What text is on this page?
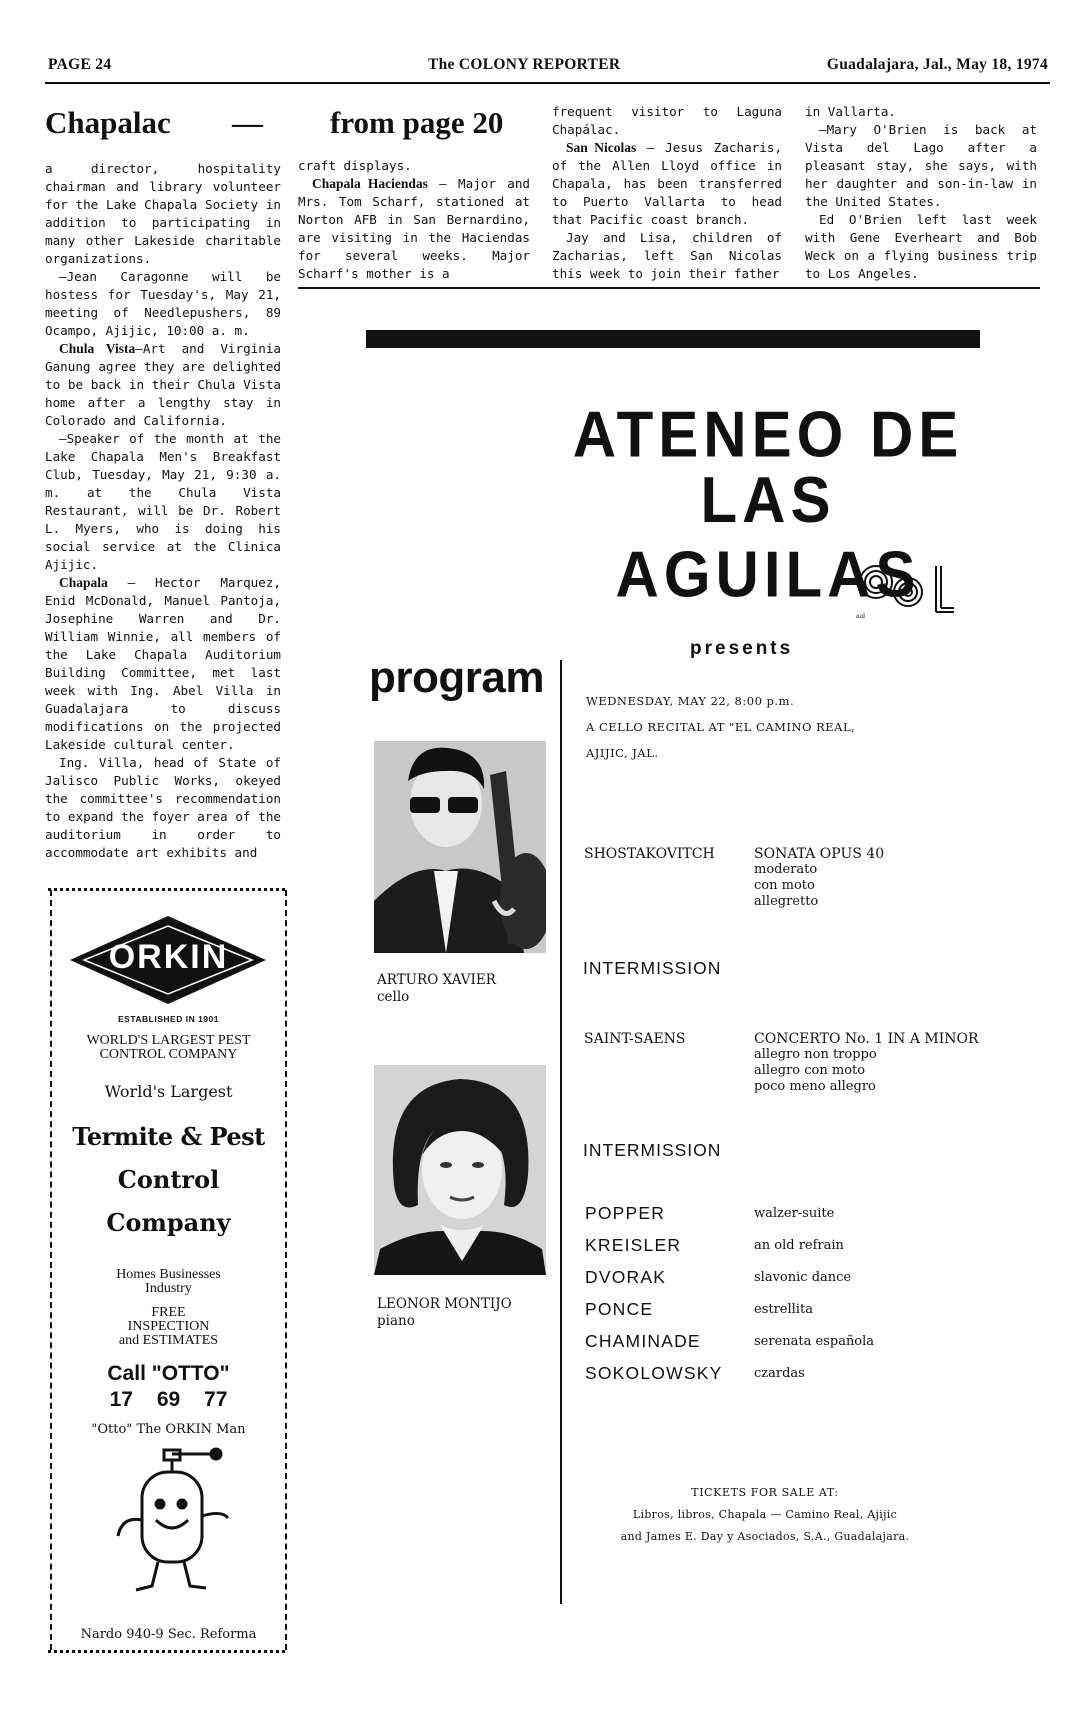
PAGE 24	The COLONY REPORTER	Guadalajara, Jal., May 18, 1974
Chapalac —

a director, hospitality chairman and library volunteer for the Lake Chapala Society in addition to participating in many other Lakeside charitable organizations.

—Jean Caragonne will be hostess for Tuesday's, May 21, meeting of Needlepushers, 89 Ocampo, Ajijic, 10:00 a. m.

Chula Vista—Art and Virginia Ganung agree they are delighted to be back in their Chula Vista home after a lengthy stay in Colorado and California.

—Speaker of the month at the Lake Chapala Men's Breakfast Club, Tuesday, May 21, 9:30 a. m. at the Chula Vista Restaurant, will be Dr. Robert L. Myers, who is doing his social service at the Clinica Ajijic.

Chapala — Hector Marquez, Enid McDonald, Manuel Pantoja, Josephine Warren and Dr. William Winnie, all members of the Lake Chapala Auditorium Building Committee, met last week with Ing. Abel Villa in Guadalajara to discuss modifications on the projected Lakeside cultural center.

Ing. Villa, head of State of Jalisco Public Works, okeyed the committee's recommendation to expand the foyer area of the auditorium in order to accommodate art exhibits and

from page 20

craft displays.

Chapala Haciendas — Major and Mrs. Tom Scharf, stationed at Norton AFB in San Bernardino, are visiting in the Haciendas for several weeks. Major Scharf's mother is a

frequent visitor to Laguna Chapálac.

San Nicolas — Jesus Zacharis, of the Allen Lloyd office in Chapala, has been transferred to Puerto Vallarta to head that Pacific coast branch.

Jay and Lisa, children of Zacharias, left San Nicolas this week to join their father

in Vallarta.

—Mary O'Brien is back at Vista del Lago after a pleasant stay, she says, with her daughter and son-in-law in the United States.

Ed O'Brien left last week with Gene Everheart and Bob Weck on a flying business trip to Los Angeles.

ORKIN
ESTABLISHED IN 1901
WORLD'S LARGEST PEST
CONTROL COMPANY
World's Largest
Termite & Pest
Control
Company
Homes Businesses
Industry
FREE
INSPECTION
and ESTIMATES
Call "OTTO"
17 69 77
"Otto" The ORKIN Man
Nardo 940-9 Sec. Reforma
ATENEO DE
LAS AGUILAS
aal
presents
program	WEDNESDAY, MAY 22, 8:00 p.m.
A CELLO RECITAL AT "EL CAMINO REAL,
AJIJIC, JAL.
ARTURO XAVIER
cello
LEONOR MONTIJO
piano
SHOSTAKOVITCH	SONATA OPUS 40
moderato
con moto
allegretto
INTERMISSION
SAINT-SAENS	CONCERTO No. 1 IN A MINOR
allegro non troppo
allegro con moto
poco meno allegro
INTERMISSION
POPPER	walzer-suite
KREISLER	an old refrain
DVORAK	slavonic dance
PONCE	estrellita
CHAMINADE	serenata española
SOKOLOWSKY czardas
TICKETS FOR SALE AT:
Libros, libros, Chapala — Camino Real, Ajijic
and James E. Day y Asociados, S.A., Guadalajara.
